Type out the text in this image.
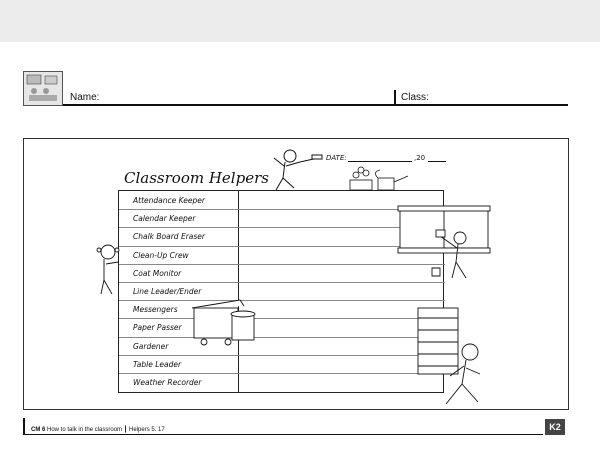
Name:	Class:
Classroom Helpers
DATE:	,20
Attendance Keeper
Calendar Keeper
Chalk Board Eraser
Clean-Up Crew
Coat Monitor
Line Leader/Ender
Messengers
Paper Passer
Gardener
Table Leader
Weather Recorder
CM 6 How to talk in the classroom ┃ Helpers 5. 17	K2
